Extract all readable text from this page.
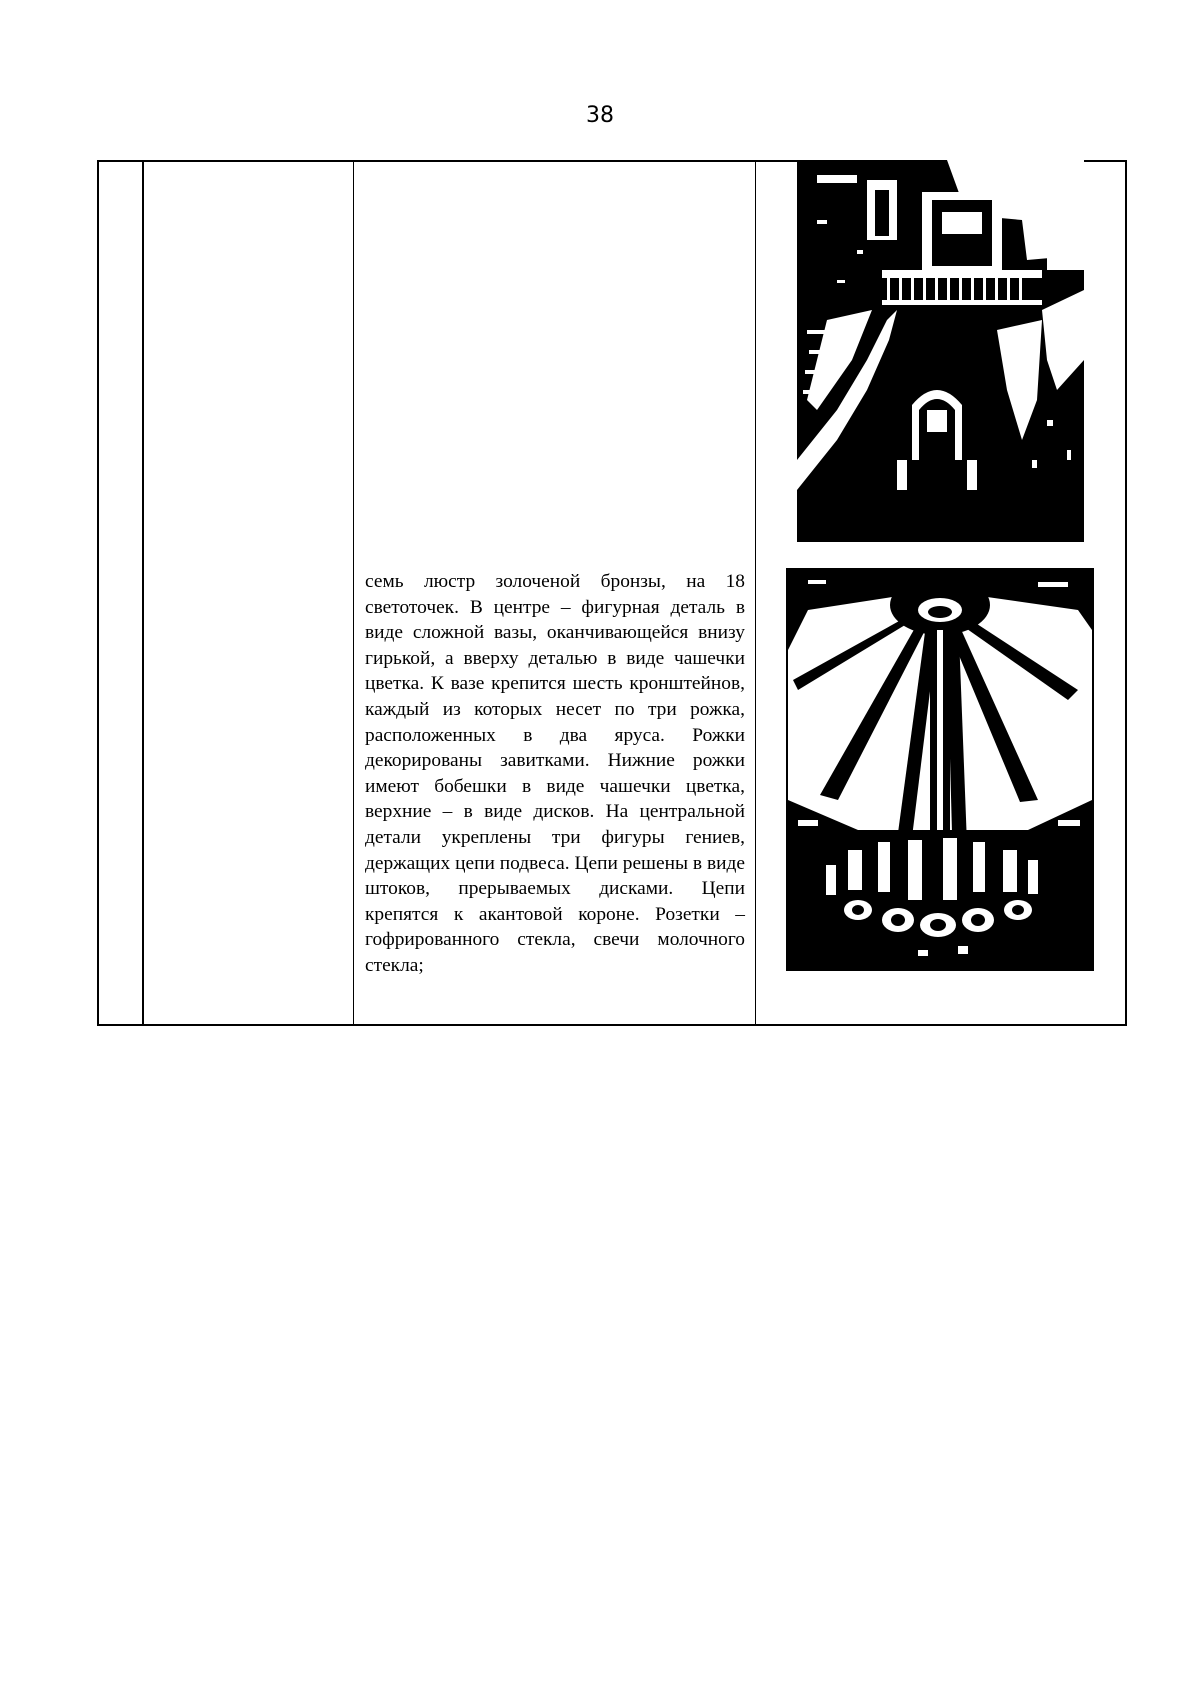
38

семь люстр золоченой бронзы, на 18 светоточек. В центре – фигурная деталь в виде сложной вазы, оканчивающейся внизу гирькой, а вверху деталью в виде чашечки цветка. К вазе крепится шесть кронштейнов, каждый из которых несет по три рожка, расположенных в два яруса. Рожки декорированы завитками. Нижние рожки имеют бобешки в виде чашечки цветка, верхние – в виде дисков. На центральной детали укреплены три фигуры гениев, держащих цепи подвеса. Цепи решены в виде штоков, прерываемых дисками. Цепи крепятся к акантовой короне. Розетки – гофрированного стекла, свечи молочного стекла;
